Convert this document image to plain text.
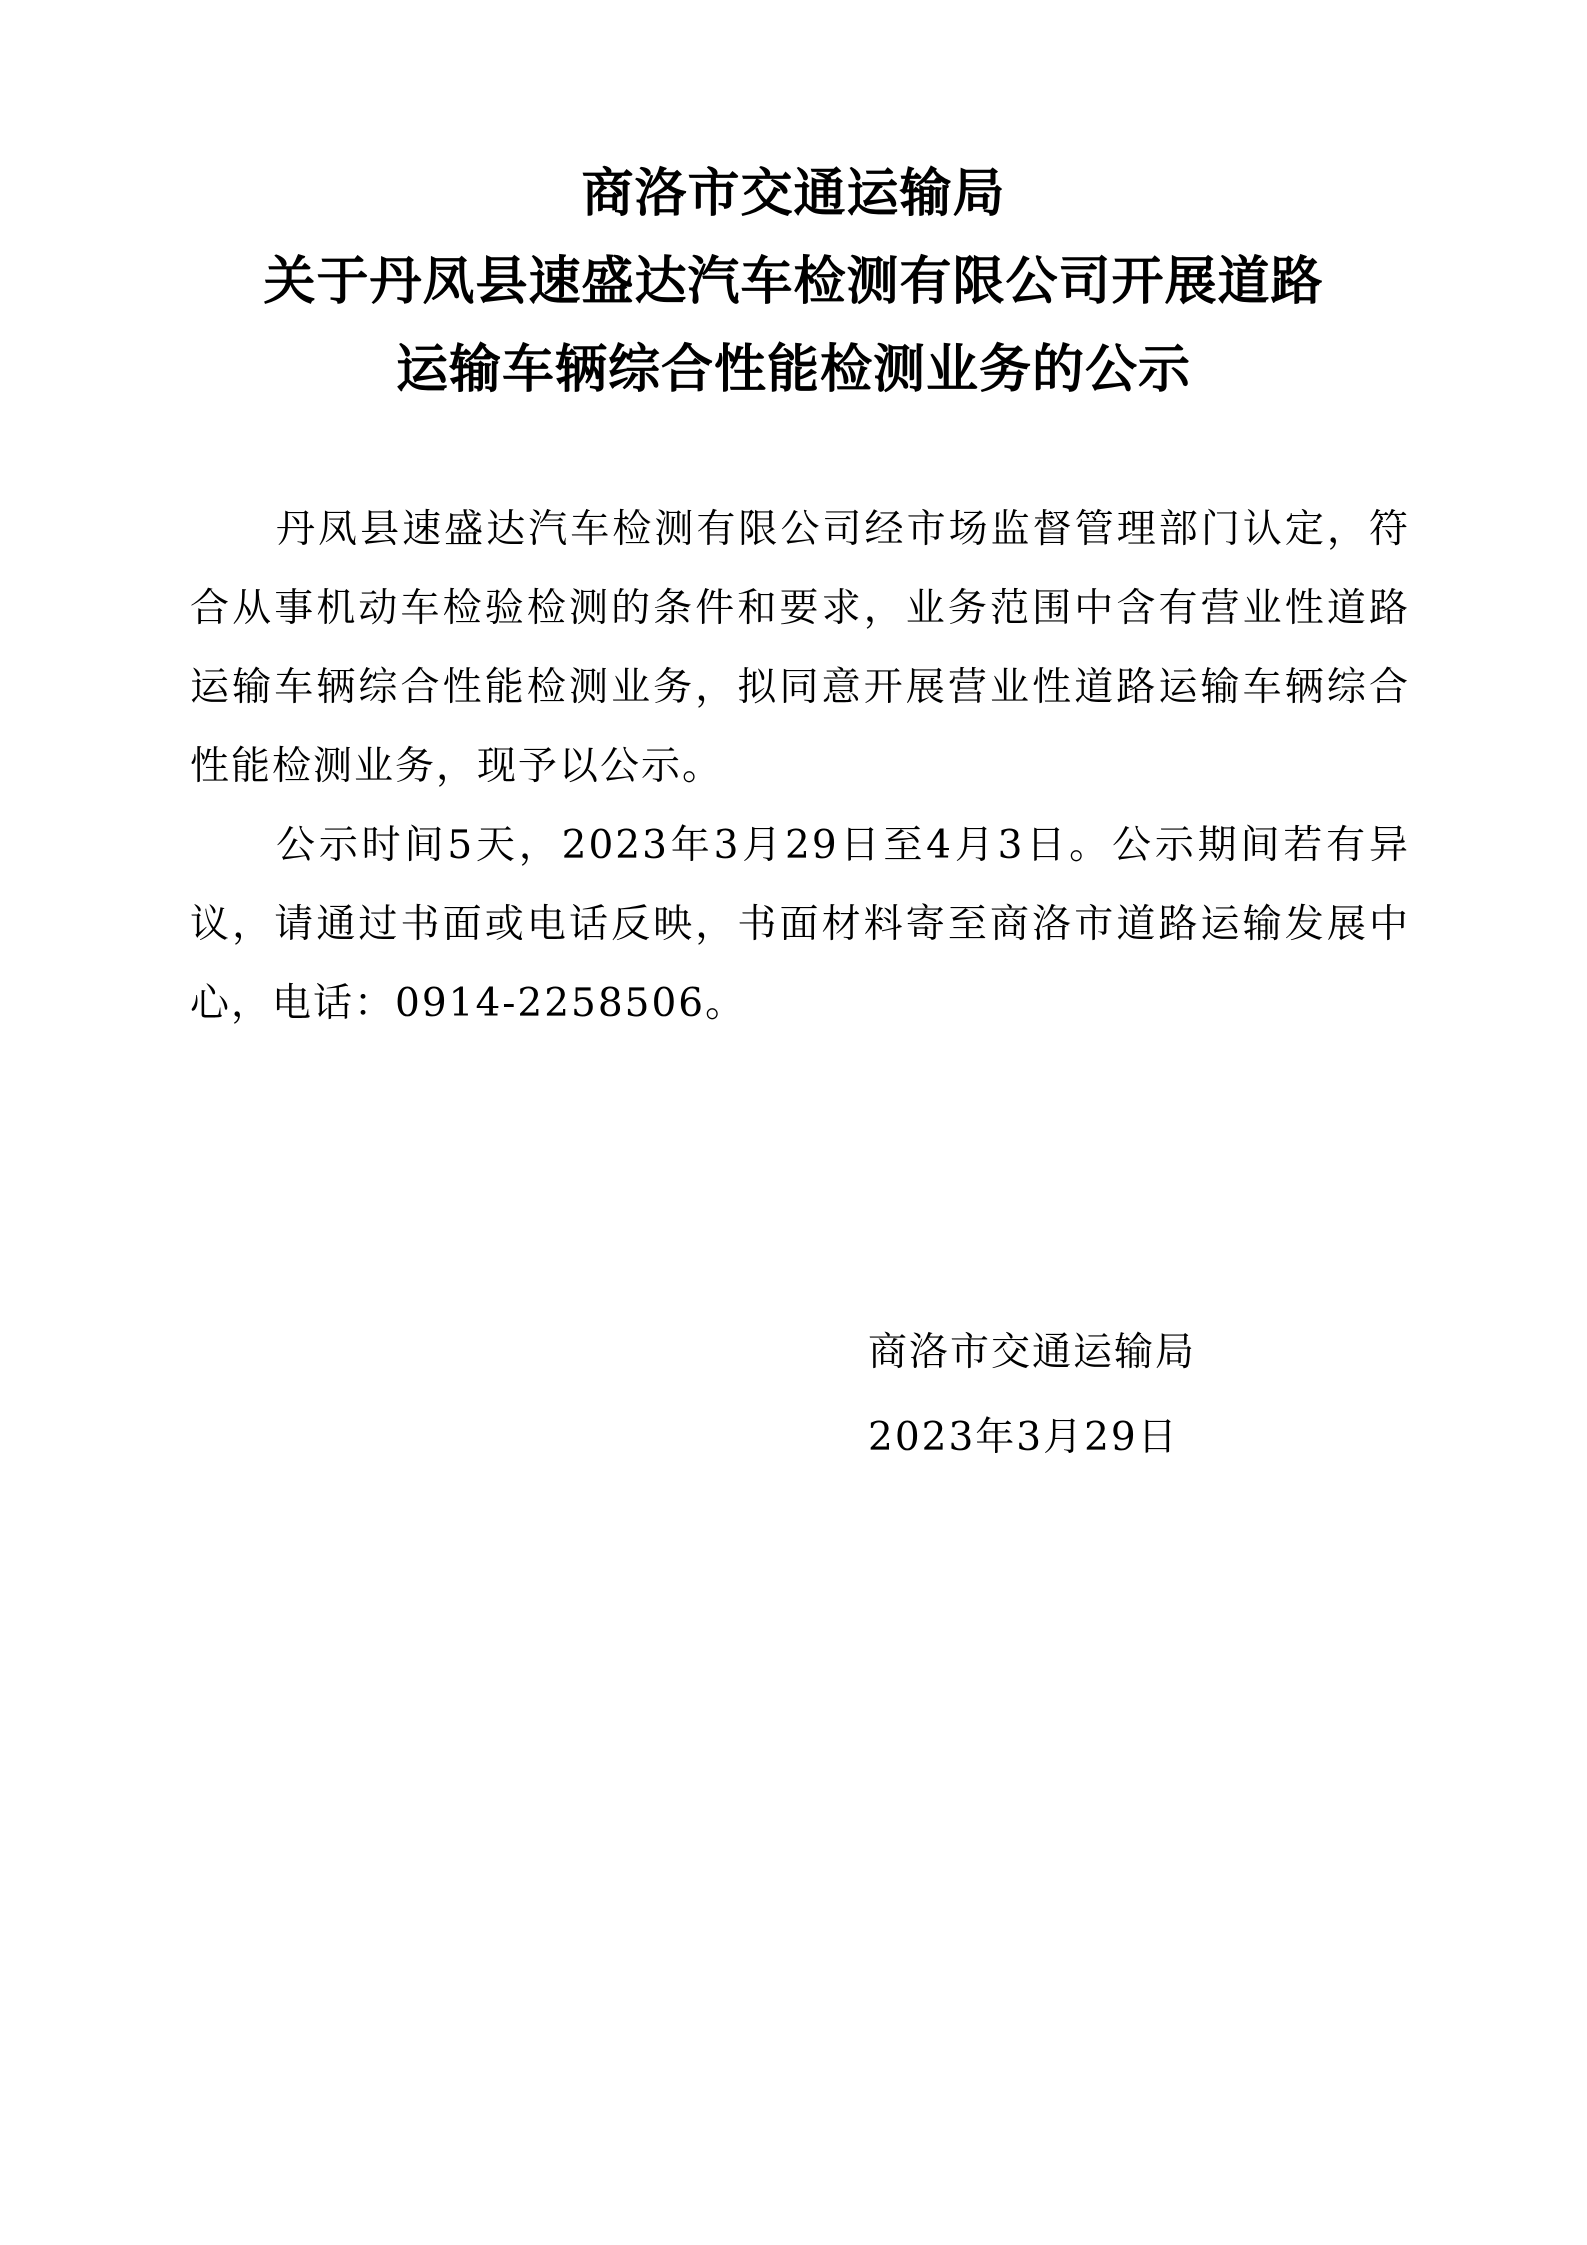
商洛市交通运输局
关于丹凤县速盛达汽车检测有限公司开展道路
运输车辆综合性能检测业务的公示

丹凤县速盛达汽车检测有限公司经市场监督管理部门认定，符合从事机动车检验检测的条件和要求，业务范围中含有营业性道路运输车辆综合性能检测业务，拟同意开展营业性道路运输车辆综合性能检测业务，现予以公示。

公示时间5天，2023年3月29日至4月3日。公示期间若有异议，请通过书面或电话反映，书面材料寄至商洛市道路运输发展中心，电话：0914-2258506。

商洛市交通运输局
2023年3月29日
